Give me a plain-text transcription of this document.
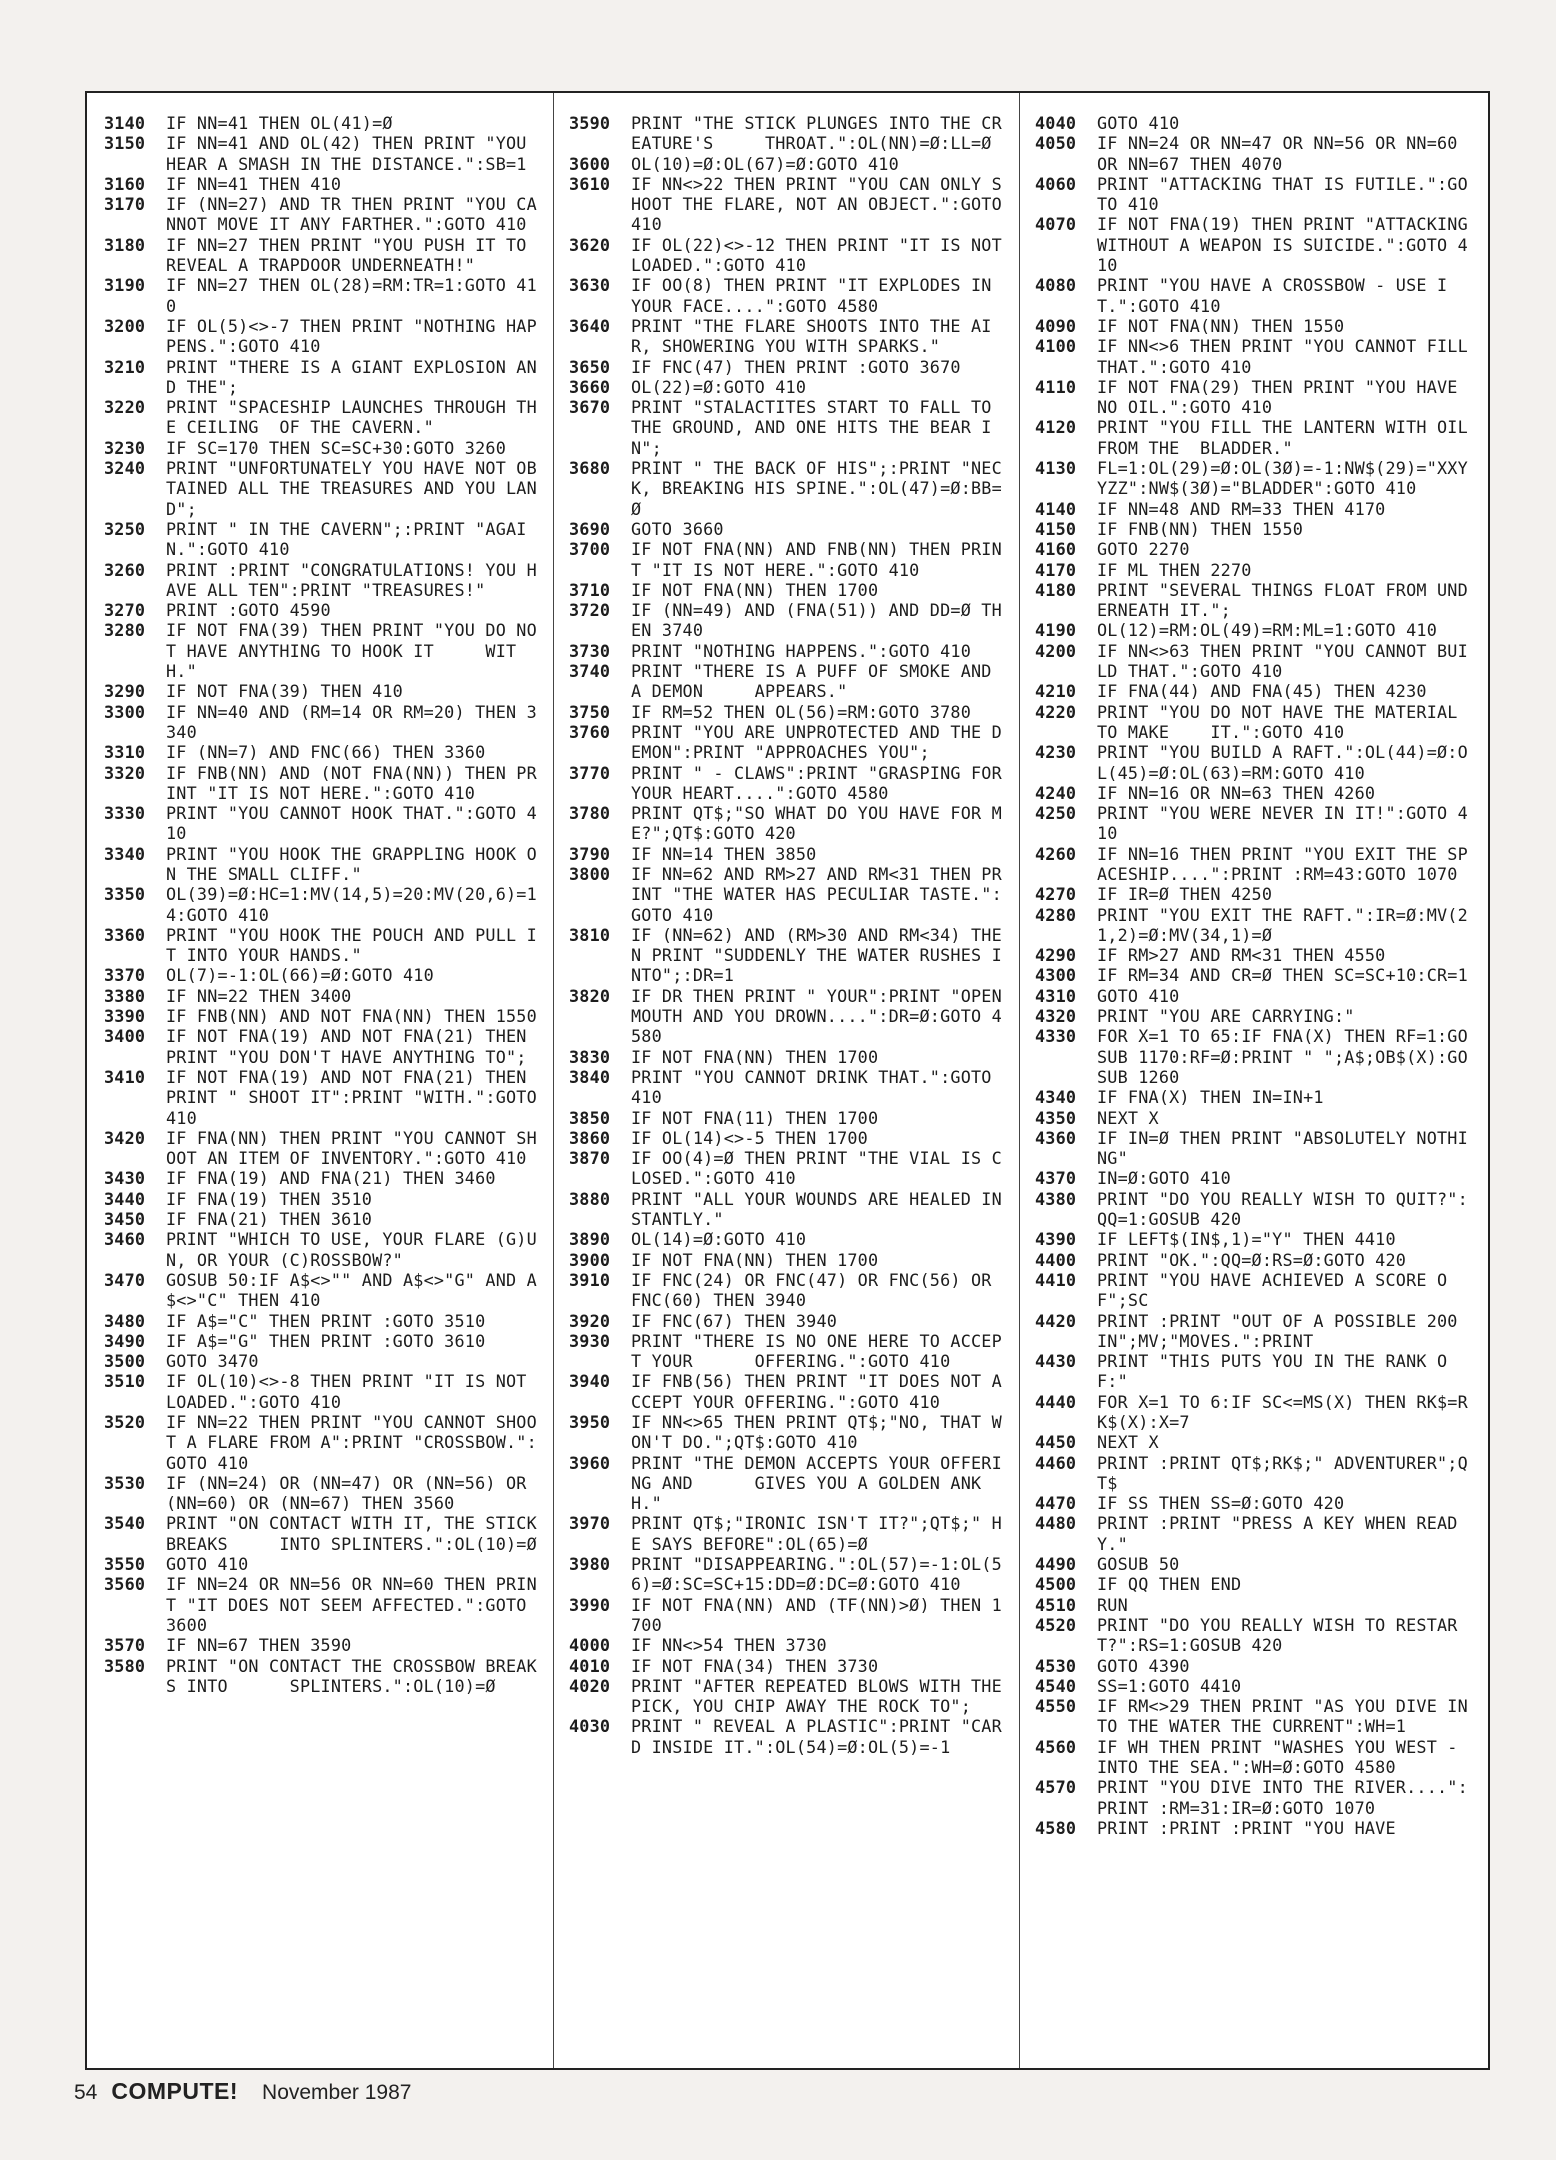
3140	IF NN=41 THEN OL(41)=Ø
3150	IF NN=41 AND OL(42) THEN PRINT "YOU HEAR A SMASH IN THE DISTANCE.":SB=1
3160	IF NN=41 THEN 410
3170	IF (NN=27) AND TR THEN PRINT "YOU CANNOT MOVE IT ANY FARTHER.":GOTO 410
3180	IF NN=27 THEN PRINT "YOU PUSH IT TO REVEAL A TRAPDOOR UNDERNEATH!"
3190	IF NN=27 THEN OL(28)=RM:TR=1:GOTO 410
3200	IF OL(5)<>-7 THEN PRINT "NOTHING HAPPENS.":GOTO 410
3210	PRINT "THERE IS A GIANT EXPLOSION AND THE";
3220	PRINT "SPACESHIP LAUNCHES THROUGH THE CEILING  OF THE CAVERN."
3230	IF SC=170 THEN SC=SC+30:GOTO 3260
3240	PRINT "UNFORTUNATELY YOU HAVE NOT OBTAINED ALL THE TREASURES AND YOU LAND";
3250	PRINT " IN THE CAVERN";:PRINT "AGAIN.":GOTO 410
3260	PRINT :PRINT "CONGRATULATIONS! YOU HAVE ALL TEN":PRINT "TREASURES!"
3270	PRINT :GOTO 4590
3280	IF NOT FNA(39) THEN PRINT "YOU DO NOT HAVE ANYTHING TO HOOK IT     WITH."
3290	IF NOT FNA(39) THEN 410
3300	IF NN=40 AND (RM=14 OR RM=20) THEN 3340
3310	IF (NN=7) AND FNC(66) THEN 3360
3320	IF FNB(NN) AND (NOT FNA(NN)) THEN PRINT "IT IS NOT HERE.":GOTO 410
3330	PRINT "YOU CANNOT HOOK THAT.":GOTO 410
3340	PRINT "YOU HOOK THE GRAPPLING HOOK ON THE SMALL CLIFF."
3350	OL(39)=Ø:HC=1:MV(14,5)=20:MV(20,6)=14:GOTO 410
3360	PRINT "YOU HOOK THE POUCH AND PULL IT INTO YOUR HANDS."
3370	OL(7)=-1:OL(66)=Ø:GOTO 410
3380	IF NN=22 THEN 3400
3390	IF FNB(NN) AND NOT FNA(NN) THEN 1550
3400	IF NOT FNA(19) AND NOT FNA(21) THEN PRINT "YOU DON'T HAVE ANYTHING TO";
3410	IF NOT FNA(19) AND NOT FNA(21) THEN PRINT " SHOOT IT":PRINT "WITH.":GOTO 410
3420	IF FNA(NN) THEN PRINT "YOU CANNOT SHOOT AN ITEM OF INVENTORY.":GOTO 410
3430	IF FNA(19) AND FNA(21) THEN 3460
3440	IF FNA(19) THEN 3510
3450	IF FNA(21) THEN 3610
3460	PRINT "WHICH TO USE, YOUR FLARE (G)UN, OR YOUR (C)ROSSBOW?"
3470	GOSUB 50:IF A$<>"" AND A$<>"G" AND A$<>"C" THEN 410
3480	IF A$="C" THEN PRINT :GOTO 3510
3490	IF A$="G" THEN PRINT :GOTO 3610
3500	GOTO 3470
3510	IF OL(10)<>-8 THEN PRINT "IT IS NOT LOADED.":GOTO 410
3520	IF NN=22 THEN PRINT "YOU CANNOT SHOOT A FLARE FROM A":PRINT "CROSSBOW.":GOTO 410
3530	IF (NN=24) OR (NN=47) OR (NN=56) OR (NN=60) OR (NN=67) THEN 3560
3540	PRINT "ON CONTACT WITH IT, THE STICK BREAKS     INTO SPLINTERS.":OL(10)=Ø
3550	GOTO 410
3560	IF NN=24 OR NN=56 OR NN=60 THEN PRINT "IT DOES NOT SEEM AFFECTED.":GOTO 3600
3570	IF NN=67 THEN 3590
3580	PRINT "ON CONTACT THE CROSSBOW BREAKS INTO      SPLINTERS.":OL(10)=Ø
3590	PRINT "THE STICK PLUNGES INTO THE CREATURE'S     THROAT.":OL(NN)=Ø:LL=Ø
3600	OL(10)=Ø:OL(67)=Ø:GOTO 410
3610	IF NN<>22 THEN PRINT "YOU CAN ONLY SHOOT THE FLARE, NOT AN OBJECT.":GOTO 410
3620	IF OL(22)<>-12 THEN PRINT "IT IS NOT LOADED.":GOTO 410
3630	IF OO(8) THEN PRINT "IT EXPLODES IN YOUR FACE....":GOTO 4580
3640	PRINT "THE FLARE SHOOTS INTO THE AIR, SHOWERING YOU WITH SPARKS."
3650	IF FNC(47) THEN PRINT :GOTO 3670
3660	OL(22)=Ø:GOTO 410
3670	PRINT "STALACTITES START TO FALL TO THE GROUND, AND ONE HITS THE BEAR IN";
3680	PRINT " THE BACK OF HIS";:PRINT "NECK, BREAKING HIS SPINE.":OL(47)=Ø:BB=Ø
3690	GOTO 3660
3700	IF NOT FNA(NN) AND FNB(NN) THEN PRINT "IT IS NOT HERE.":GOTO 410
3710	IF NOT FNA(NN) THEN 1700
3720	IF (NN=49) AND (FNA(51)) AND DD=Ø THEN 3740
3730	PRINT "NOTHING HAPPENS.":GOTO 410
3740	PRINT "THERE IS A PUFF OF SMOKE AND A DEMON     APPEARS."
3750	IF RM=52 THEN OL(56)=RM:GOTO 3780
3760	PRINT "YOU ARE UNPROTECTED AND THE DEMON":PRINT "APPROACHES YOU";
3770	PRINT " - CLAWS":PRINT "GRASPING FOR YOUR HEART....":GOTO 4580
3780	PRINT QT$;"SO WHAT DO YOU HAVE FOR ME?";QT$:GOTO 420
3790	IF NN=14 THEN 3850
3800	IF NN=62 AND RM>27 AND RM<31 THEN PRINT "THE WATER HAS PECULIAR TASTE.":GOTO 410
3810	IF (NN=62) AND (RM>30 AND RM<34) THEN PRINT "SUDDENLY THE WATER RUSHES INTO";:DR=1
3820	IF DR THEN PRINT " YOUR":PRINT "OPEN MOUTH AND YOU DROWN....":DR=Ø:GOTO 4580
3830	IF NOT FNA(NN) THEN 1700
3840	PRINT "YOU CANNOT DRINK THAT.":GOTO 410
3850	IF NOT FNA(11) THEN 1700
3860	IF OL(14)<>-5 THEN 1700
3870	IF OO(4)=Ø THEN PRINT "THE VIAL IS CLOSED.":GOTO 410
3880	PRINT "ALL YOUR WOUNDS ARE HEALED INSTANTLY."
3890	OL(14)=Ø:GOTO 410
3900	IF NOT FNA(NN) THEN 1700
3910	IF FNC(24) OR FNC(47) OR FNC(56) OR FNC(60) THEN 3940
3920	IF FNC(67) THEN 3940
3930	PRINT "THERE IS NO ONE HERE TO ACCEPT YOUR      OFFERING.":GOTO 410
3940	IF FNB(56) THEN PRINT "IT DOES NOT ACCEPT YOUR OFFERING.":GOTO 410
3950	IF NN<>65 THEN PRINT QT$;"NO, THAT WON'T DO.";QT$:GOTO 410
3960	PRINT "THE DEMON ACCEPTS YOUR OFFERING AND      GIVES YOU A GOLDEN ANKH."
3970	PRINT QT$;"IRONIC ISN'T IT?";QT$;" HE SAYS BEFORE":OL(65)=Ø
3980	PRINT "DISAPPEARING.":OL(57)=-1:OL(56)=Ø:SC=SC+15:DD=Ø:DC=Ø:GOTO 410
3990	IF NOT FNA(NN) AND (TF(NN)>Ø) THEN 1700
4000	IF NN<>54 THEN 3730
4010	IF NOT FNA(34) THEN 3730
4020	PRINT "AFTER REPEATED BLOWS WITH THE PICK, YOU CHIP AWAY THE ROCK TO";
4030	PRINT " REVEAL A PLASTIC":PRINT "CARD INSIDE IT.":OL(54)=Ø:OL(5)=-1
4040	GOTO 410
4050	IF NN=24 OR NN=47 OR NN=56 OR NN=60 OR NN=67 THEN 4070
4060	PRINT "ATTACKING THAT IS FUTILE.":GOTO 410
4070	IF NOT FNA(19) THEN PRINT "ATTACKING WITHOUT A WEAPON IS SUICIDE.":GOTO 410
4080	PRINT "YOU HAVE A CROSSBOW - USE IT.":GOTO 410
4090	IF NOT FNA(NN) THEN 1550
4100	IF NN<>6 THEN PRINT "YOU CANNOT FILL THAT.":GOTO 410
4110	IF NOT FNA(29) THEN PRINT "YOU HAVE NO OIL.":GOTO 410
4120	PRINT "YOU FILL THE LANTERN WITH OIL FROM THE  BLADDER."
4130	FL=1:OL(29)=Ø:OL(3Ø)=-1:NW$(29)="XXYYZZ":NW$(3Ø)="BLADDER":GOTO 410
4140	IF NN=48 AND RM=33 THEN 4170
4150	IF FNB(NN) THEN 1550
4160	GOTO 2270
4170	IF ML THEN 2270
4180	PRINT "SEVERAL THINGS FLOAT FROM UNDERNEATH IT.";
4190	OL(12)=RM:OL(49)=RM:ML=1:GOTO 410
4200	IF NN<>63 THEN PRINT "YOU CANNOT BUILD THAT.":GOTO 410
4210	IF FNA(44) AND FNA(45) THEN 4230
4220	PRINT "YOU DO NOT HAVE THE MATERIAL TO MAKE    IT.":GOTO 410
4230	PRINT "YOU BUILD A RAFT.":OL(44)=Ø:OL(45)=Ø:OL(63)=RM:GOTO 410
4240	IF NN=16 OR NN=63 THEN 4260
4250	PRINT "YOU WERE NEVER IN IT!":GOTO 410
4260	IF NN=16 THEN PRINT "YOU EXIT THE SPACESHIP....":PRINT :RM=43:GOTO 1070
4270	IF IR=Ø THEN 4250
4280	PRINT "YOU EXIT THE RAFT.":IR=Ø:MV(21,2)=Ø:MV(34,1)=Ø
4290	IF RM>27 AND RM<31 THEN 4550
4300	IF RM=34 AND CR=Ø THEN SC=SC+10:CR=1
4310	GOTO 410
4320	PRINT "YOU ARE CARRYING:"
4330	FOR X=1 TO 65:IF FNA(X) THEN RF=1:GOSUB 1170:RF=Ø:PRINT " ";A$;OB$(X):GOSUB 1260
4340	IF FNA(X) THEN IN=IN+1
4350	NEXT X
4360	IF IN=Ø THEN PRINT "ABSOLUTELY NOTHING"
4370	IN=Ø:GOTO 410
4380	PRINT "DO YOU REALLY WISH TO QUIT?":QQ=1:GOSUB 420
4390	IF LEFT$(IN$,1)="Y" THEN 4410
4400	PRINT "OK.":QQ=Ø:RS=Ø:GOTO 420
4410	PRINT "YOU HAVE ACHIEVED A SCORE OF";SC
4420	PRINT :PRINT "OUT OF A POSSIBLE 200 IN";MV;"MOVES.":PRINT
4430	PRINT "THIS PUTS YOU IN THE RANK OF:"
4440	FOR X=1 TO 6:IF SC<=MS(X) THEN RK$=RK$(X):X=7
4450	NEXT X
4460	PRINT :PRINT QT$;RK$;" ADVENTURER";QT$
4470	IF SS THEN SS=Ø:GOTO 420
4480	PRINT :PRINT "PRESS A KEY WHEN READY."
4490	GOSUB 50
4500	IF QQ THEN END
4510	RUN
4520	PRINT "DO YOU REALLY WISH TO RESTART?":RS=1:GOSUB 420
4530	GOTO 4390
4540	SS=1:GOTO 4410
4550	IF RM<>29 THEN PRINT "AS YOU DIVE INTO THE WATER THE CURRENT":WH=1
4560	IF WH THEN PRINT "WASHES YOU WEST - INTO THE SEA.":WH=Ø:GOTO 4580
4570	PRINT "YOU DIVE INTO THE RIVER....":PRINT :RM=31:IR=Ø:GOTO 1070
4580	PRINT :PRINT :PRINT "YOU HAVE
54 COMPUTE! November 1987
